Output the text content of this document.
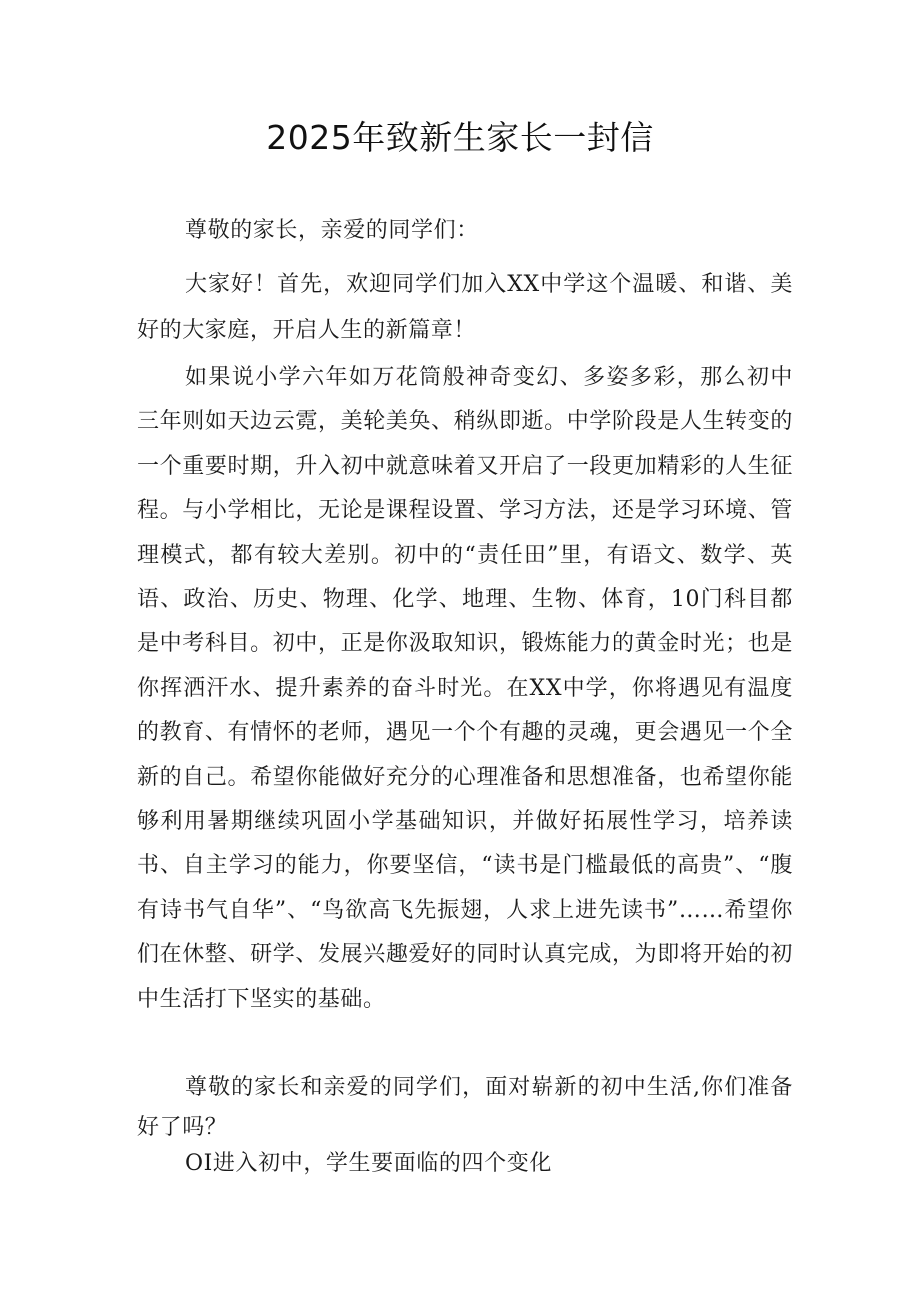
2025年致新生家长一封信

尊敬的家长，亲爱的同学们：

大家好！首先，欢迎同学们加入XX中学这个温暖、和谐、美好的大家庭，开启人生的新篇章！

如果说小学六年如万花筒般神奇变幻、多姿多彩，那么初中三年则如天边云霓，美轮美奂、稍纵即逝。中学阶段是人生转变的一个重要时期，升入初中就意味着又开启了一段更加精彩的人生征程。与小学相比，无论是课程设置、学习方法，还是学习环境、管理模式，都有较大差别。初中的“责任田”里，有语文、数学、英语、政治、历史、物理、化学、地理、生物、体育，10门科目都是中考科目。初中，正是你汲取知识，锻炼能力的黄金时光；也是你挥洒汗水、提升素养的奋斗时光。在XX中学，你将遇见有温度的教育、有情怀的老师，遇见一个个有趣的灵魂，更会遇见一个全新的自己。希望你能做好充分的心理准备和思想准备，也希望你能够利用暑期继续巩固小学基础知识，并做好拓展性学习，培养读书、自主学习的能力，你要坚信，“读书是门槛最低的高贵”、“腹有诗书气自华”、“鸟欲高飞先振翅，人求上进先读书”……希望你们在休整、研学、发展兴趣爱好的同时认真完成，为即将开始的初中生活打下坚实的基础。

尊敬的家长和亲爱的同学们，面对崭新的初中生活,你们准备好了吗？

OI进入初中，学生要面临的四个变化
